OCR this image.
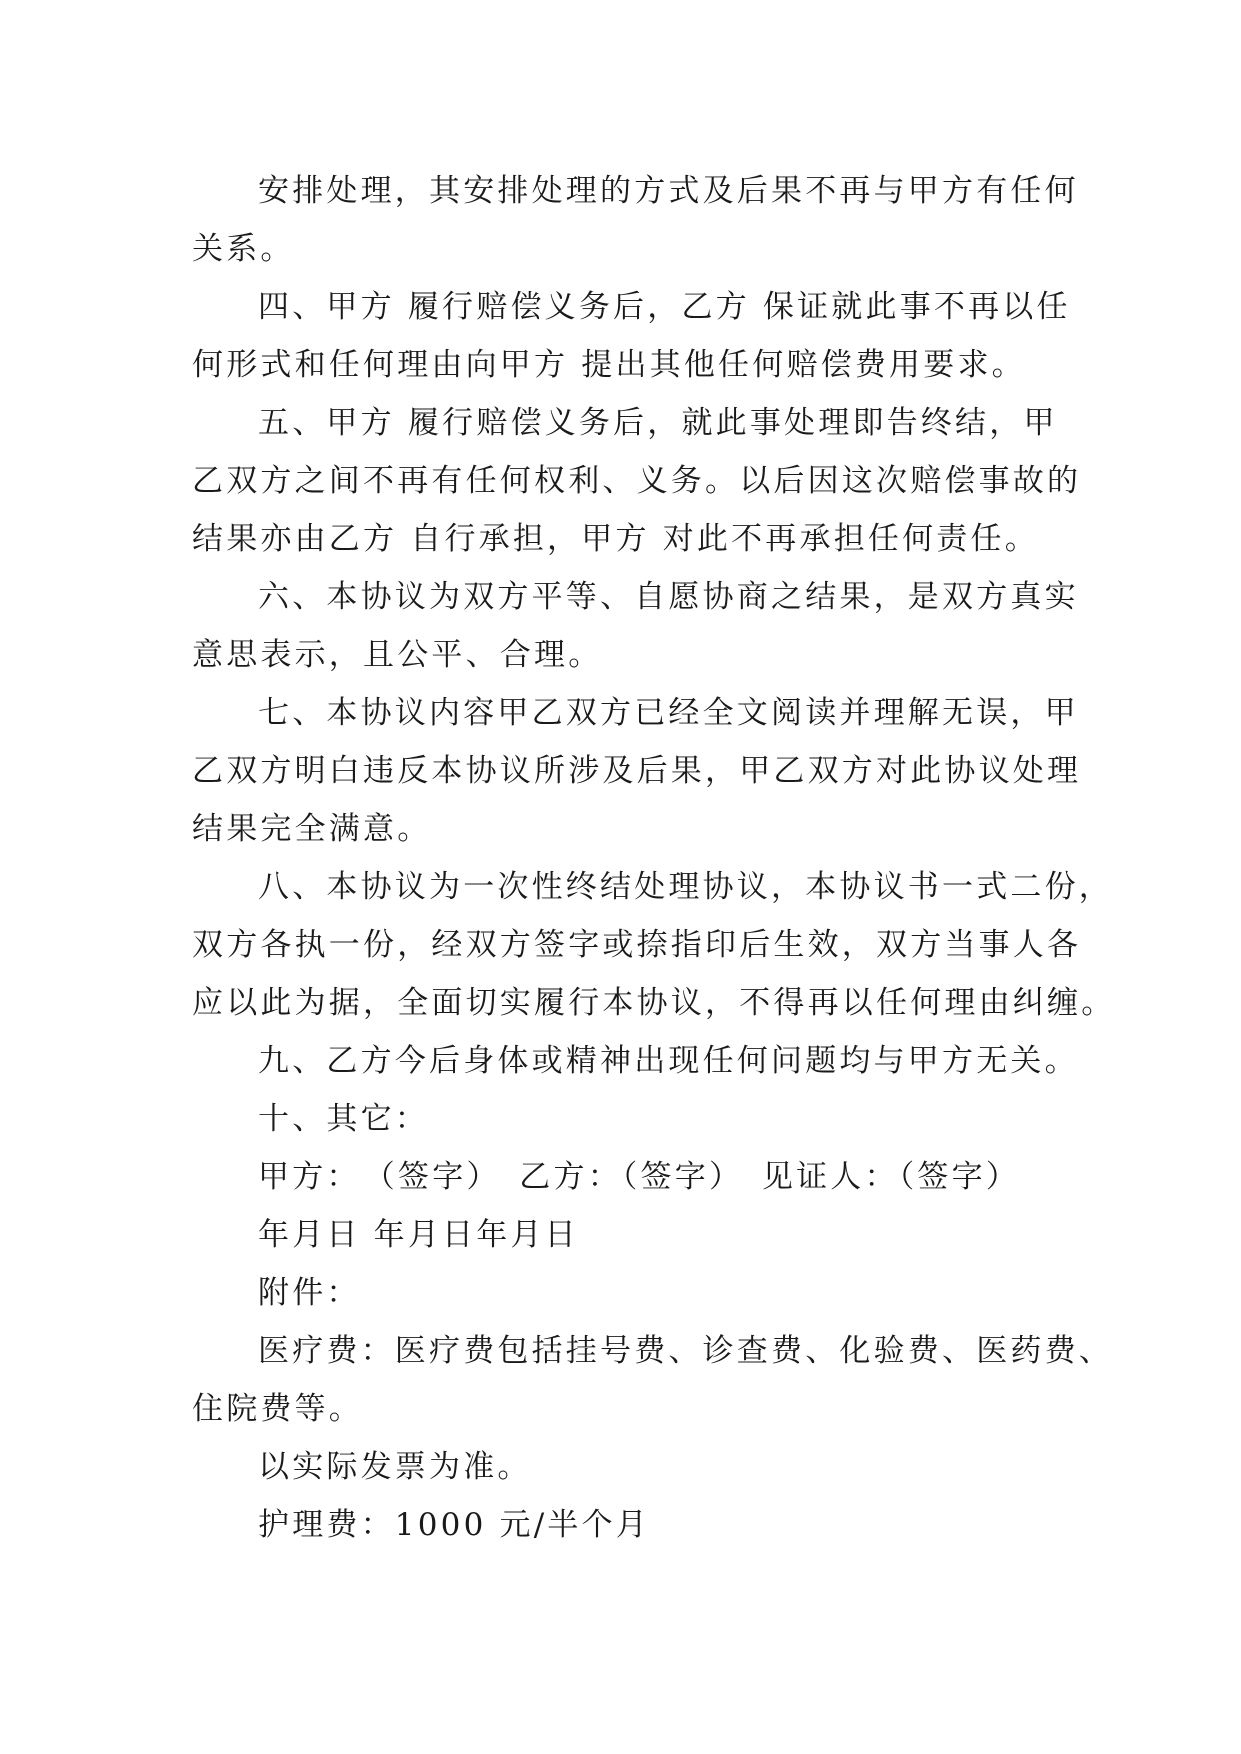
安排处理，其安排处理的方式及后果不再与甲方有任何
关系。
四、甲方 履行赔偿义务后，乙方 保证就此事不再以任
何形式和任何理由向甲方 提出其他任何赔偿费用要求。
五、甲方 履行赔偿义务后，就此事处理即告终结，甲
乙双方之间不再有任何权利、义务。以后因这次赔偿事故的
结果亦由乙方 自行承担，甲方 对此不再承担任何责任。
六、本协议为双方平等、自愿协商之结果，是双方真实
意思表示，且公平、合理。
七、本协议内容甲乙双方已经全文阅读并理解无误，甲
乙双方明白违反本协议所涉及后果，甲乙双方对此协议处理
结果完全满意。
八、本协议为一次性终结处理协议，本协议书一式二份，
双方各执一份，经双方签字或捺指印后生效，双方当事人各
应以此为据，全面切实履行本协议，不得再以任何理由纠缠。
九、乙方今后身体或精神出现任何问题均与甲方无关。
十、其它：
甲方：　（签字）　乙方：（签字）　见证人：（签字）
年月日 年月日年月日
附件：
医疗费：医疗费包括挂号费、诊查费、化验费、医药费、
住院费等。
以实际发票为准。
护理费：1000 元/半个月
